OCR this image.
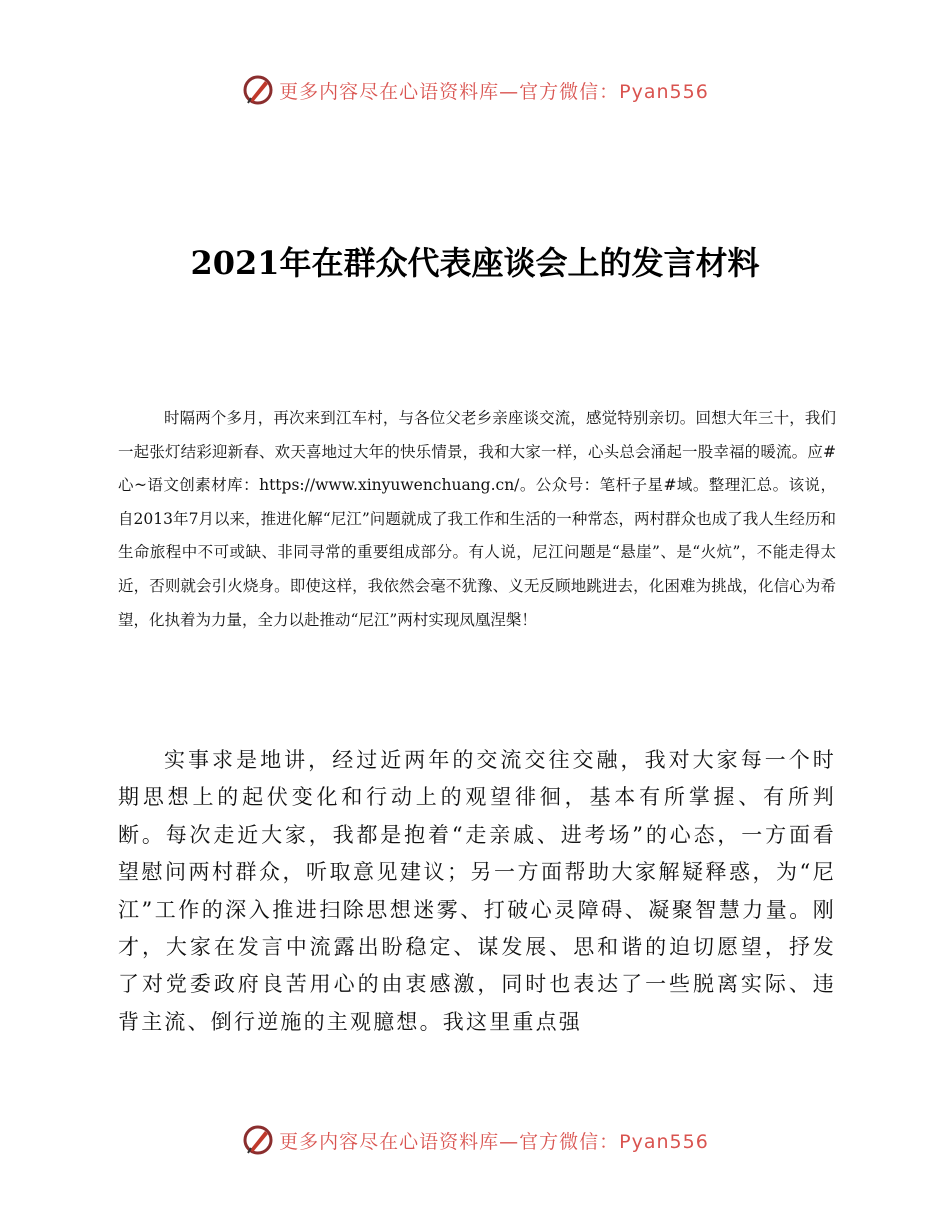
更多内容尽在心语资料库—官方微信：Pyan556
2021年在群众代表座谈会上的发言材料

时隔两个多月，再次来到江车村，与各位父老乡亲座谈交流，感觉特别亲切。回想大年三十，我们一起张灯结彩迎新春、欢天喜地过大年的快乐情景，我和大家一样，心头总会涌起一股幸福的暖流。应#心~语文创素材库：https://www.xinyuwenchuang.cn/。公众号：笔杆子星#域。整理汇总。该说，自2013年7月以来，推进化解“尼江”问题就成了我工作和生活的一种常态，两村群众也成了我人生经历和生命旅程中不可或缺、非同寻常的重要组成部分。有人说，尼江问题是“悬崖”、是“火炕”，不能走得太近，否则就会引火烧身。即使这样，我依然会毫不犹豫、义无反顾地跳进去，化困难为挑战，化信心为希望，化执着为力量，全力以赴推动“尼江”两村实现凤凰涅槃！

实事求是地讲，经过近两年的交流交往交融，我对大家每一个时期思想上的起伏变化和行动上的观望徘徊，基本有所掌握、有所判断。每次走近大家，我都是抱着“走亲戚、进考场”的心态，一方面看望慰问两村群众，听取意见建议；另一方面帮助大家解疑释惑，为“尼江”工作的深入推进扫除思想迷雾、打破心灵障碍、凝聚智慧力量。刚才，大家在发言中流露出盼稳定、谋发展、思和谐的迫切愿望，抒发了对党委政府良苦用心的由衷感激，同时也表达了一些脱离实际、违背主流、倒行逆施的主观臆想。我这里重点强

更多内容尽在心语资料库—官方微信：Pyan556
